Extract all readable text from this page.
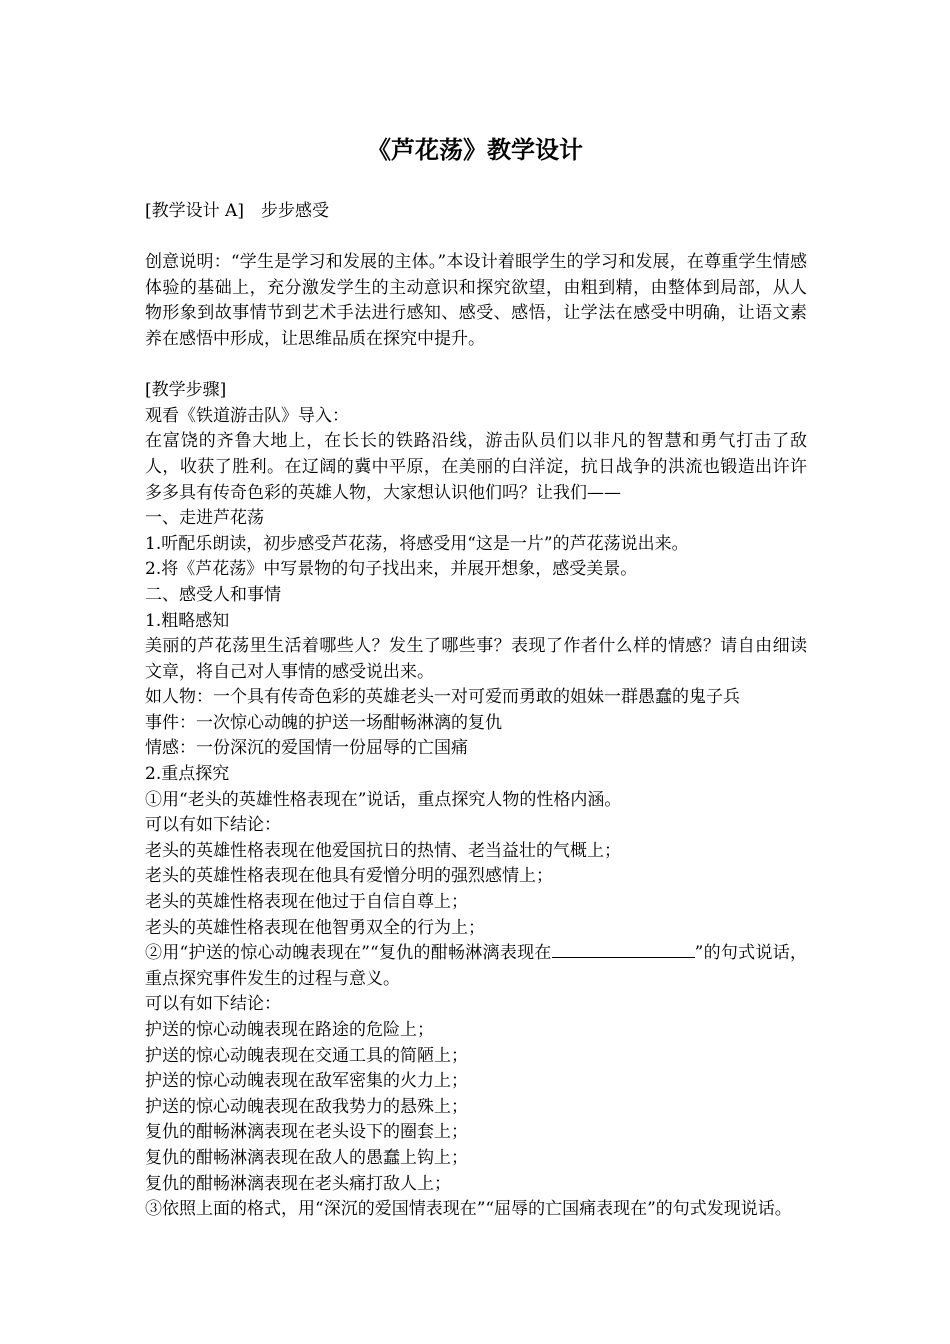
《芦花荡》教学设计

[教学设计 A]　步步感受

创意说明：“学生是学习和发展的主体。”本设计着眼学生的学习和发展，在尊重学生情感体验的基础上，充分激发学生的主动意识和探究欲望，由粗到精，由整体到局部，从人物形象到故事情节到艺术手法进行感知、感受、感悟，让学法在感受中明确，让语文素养在感悟中形成，让思维品质在探究中提升。

[教学步骤]

观看《铁道游击队》导入：

在富饶的齐鲁大地上，在长长的铁路沿线，游击队员们以非凡的智慧和勇气打击了敌人，收获了胜利。在辽阔的冀中平原，在美丽的白洋淀，抗日战争的洪流也锻造出许许多多具有传奇色彩的英雄人物，大家想认识他们吗？让我们——

一、走进芦花荡

1.听配乐朗读，初步感受芦花荡，将感受用“这是一片”的芦花荡说出来。

2.将《芦花荡》中写景物的句子找出来，并展开想象，感受美景。

二、感受人和事情

1.粗略感知

美丽的芦花荡里生活着哪些人？发生了哪些事？表现了作者什么样的情感？请自由细读文章，将自己对人事情的感受说出来。

如人物：一个具有传奇色彩的英雄老头一对可爱而勇敢的姐妹一群愚蠢的鬼子兵

事件：一次惊心动魄的护送一场酣畅淋漓的复仇

情感：一份深沉的爱国情一份屈辱的亡国痛

2.重点探究

①用“老头的英雄性格表现在”说话，重点探究人物的性格内涵。

可以有如下结论：

老头的英雄性格表现在他爱国抗日的热情、老当益壮的气概上；

老头的英雄性格表现在他具有爱憎分明的强烈感情上；

老头的英雄性格表现在他过于自信自尊上；

老头的英雄性格表现在他智勇双全的行为上；

②用“护送的惊心动魄表现在”“复仇的酣畅淋漓表现在	”的句式说话，重点探究事件发生的过程与意义。

可以有如下结论：

护送的惊心动魄表现在路途的危险上；

护送的惊心动魄表现在交通工具的简陋上；

护送的惊心动魄表现在敌军密集的火力上；

护送的惊心动魄表现在敌我势力的悬殊上；

复仇的酣畅淋漓表现在老头设下的圈套上；

复仇的酣畅淋漓表现在敌人的愚蠢上钩上；

复仇的酣畅淋漓表现在老头痛打敌人上；

③依照上面的格式，用“深沉的爱国情表现在”“屈辱的亡国痛表现在”的句式发现说话。
